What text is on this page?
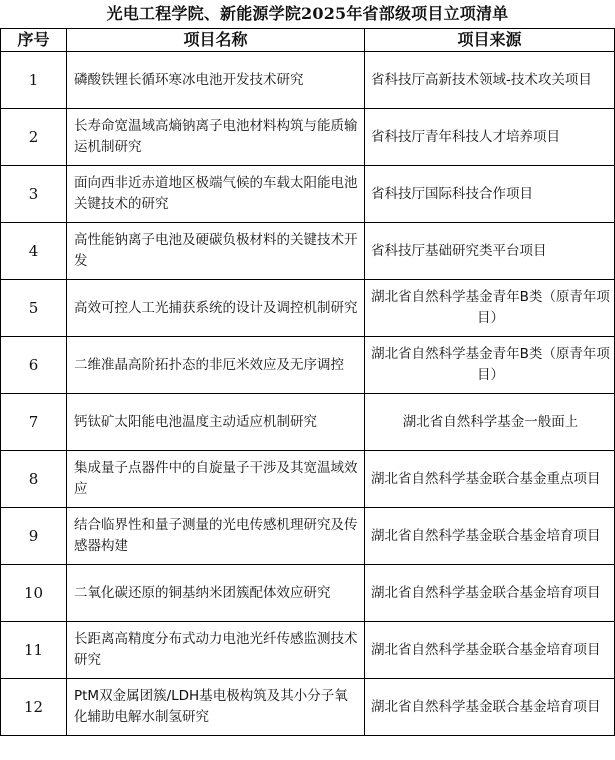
光电工程学院、新能源学院2025年省部级项目立项清单
序号	项目名称	项目来源
1	磷酸铁锂长循环寒冰电池开发技术研究	省科技厅高新技术领域-技术攻关项目
2	长寿命宽温域高熵钠离子电池材料构筑与能质输运机制研究	省科技厅青年科技人才培养项目
3	面向西非近赤道地区极端气候的车载太阳能电池关键技术的研究	省科技厅国际科技合作项目
4	高性能钠离子电池及硬碳负极材料的关键技术开发	省科技厅基础研究类平台项目
5	高效可控人工光捕获系统的设计及调控机制研究	湖北省自然科学基金青年B类（原青年项目）
6	二维准晶高阶拓扑态的非厄米效应及无序调控	湖北省自然科学基金青年B类（原青年项目）
7	钙钛矿太阳能电池温度主动适应机制研究	湖北省自然科学基金一般面上
8	集成量子点器件中的自旋量子干涉及其宽温域效应	湖北省自然科学基金联合基金重点项目
9	结合临界性和量子测量的光电传感机理研究及传感器构建	湖北省自然科学基金联合基金培育项目
10	二氧化碳还原的铜基纳米团簇配体效应研究	湖北省自然科学基金联合基金培育项目
11	长距离高精度分布式动力电池光纤传感监测技术研究	湖北省自然科学基金联合基金培育项目
12	PtM双金属团簇/LDH基电极构筑及其小分子氧化辅助电解水制氢研究	湖北省自然科学基金联合基金培育项目
